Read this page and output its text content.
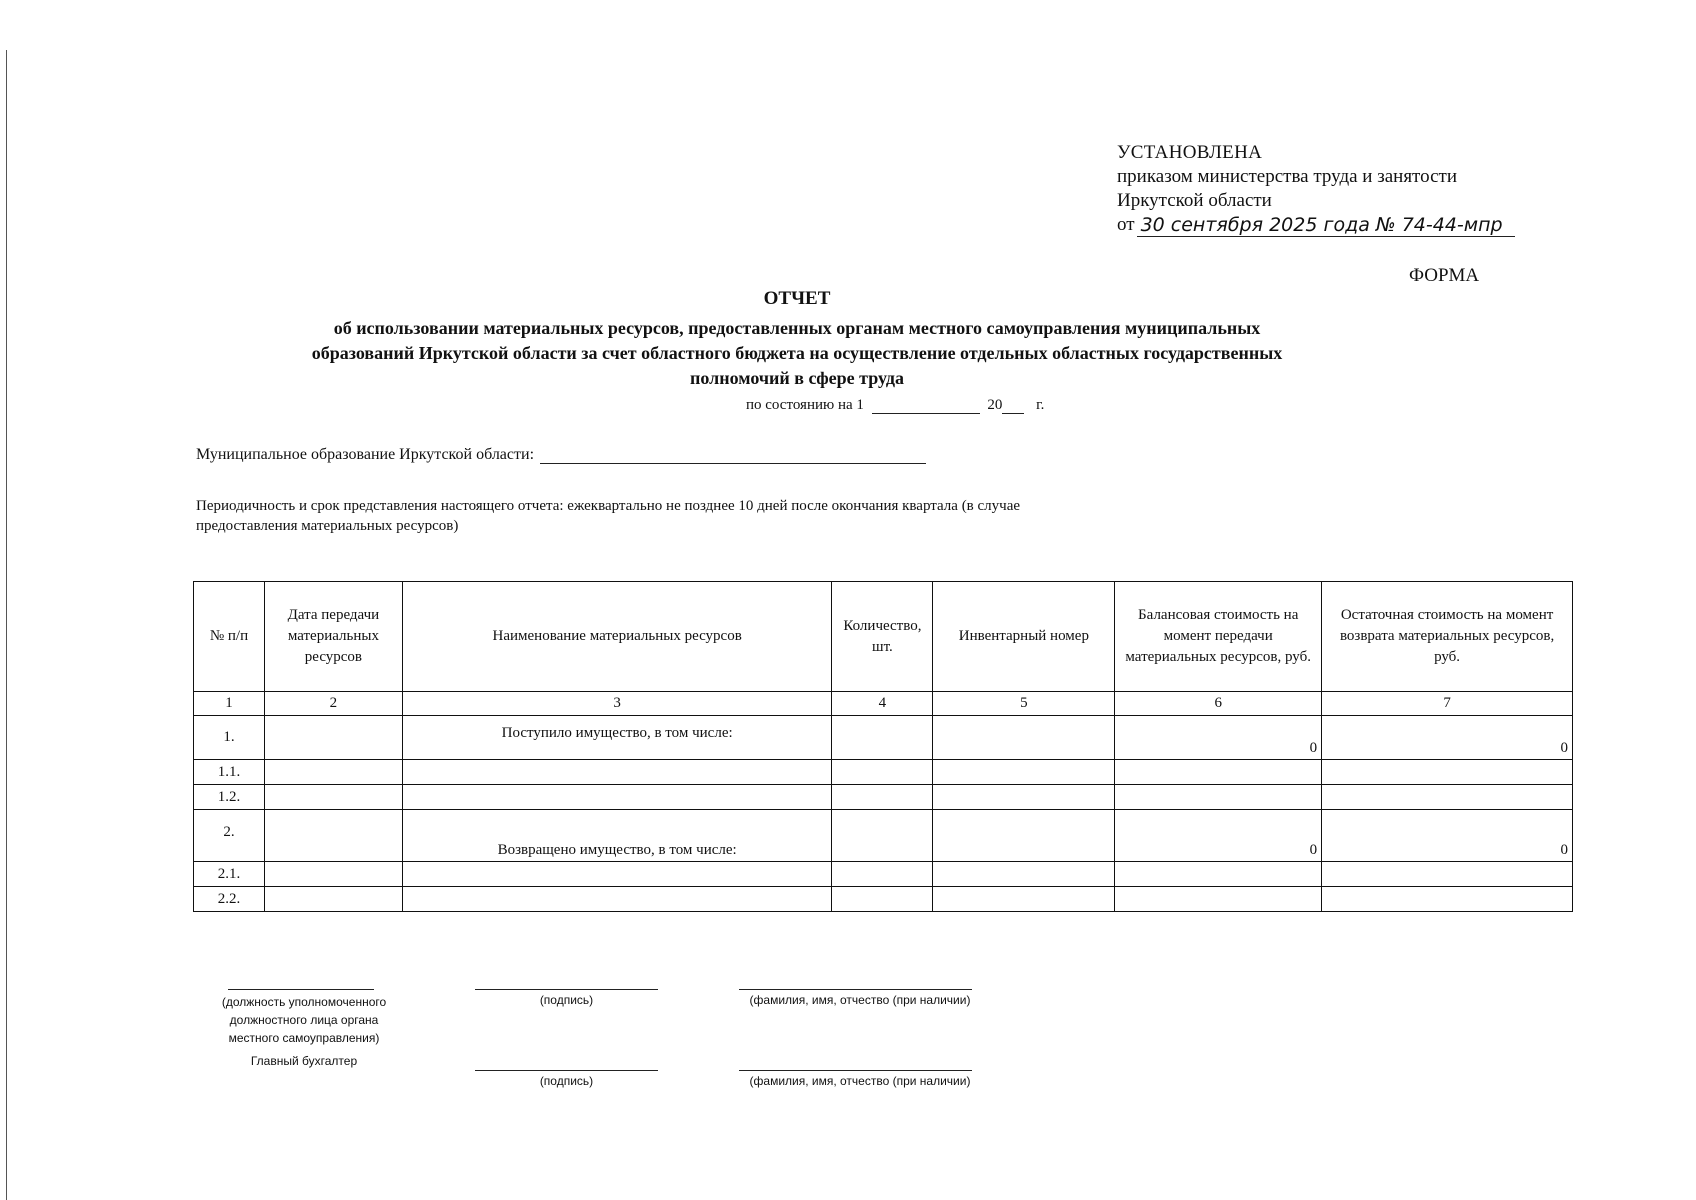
УСТАНОВЛЕНА
приказом министерства труда и занятости
Иркутской области
от 30 сентября 2025 года № 74-44-мпр
ФОРМА
ОТЧЕТ
об использовании материальных ресурсов, предоставленных органам местного самоуправления муниципальных
образований Иркутской области за счет областного бюджета на осуществление отдельных областных государственных
полномочий в сфере труда
по состоянию на 1	20 г.
Муниципальное образование Иркутской области:
Периодичность и срок представления настоящего отчета: ежеквартально не позднее 10 дней после окончания квартала (в случае
предоставления материальных ресурсов)
№ п/п	Дата передачи материальных ресурсов	Наименование материальных ресурсов	Количество, шт.	Инвентарный номер	Балансовая стоимость на момент передачи материальных ресурсов, руб.	Остаточная стоимость на момент возврата материальных ресурсов, руб.
1	2	3	4	5	6	7
1.		Поступило имущество, в том числе:			0	0
1.1.						
1.2.						
2.		Возвращено имущество, в том числе:			0	0
2.1.						
2.2.						
(должность уполномоченного
должностного лица органа
местного самоуправления)
(подпись)	(фамилия, имя, отчество (при наличии)
Главный бухгалтер
(подпись)	(фамилия, имя, отчество (при наличии)
